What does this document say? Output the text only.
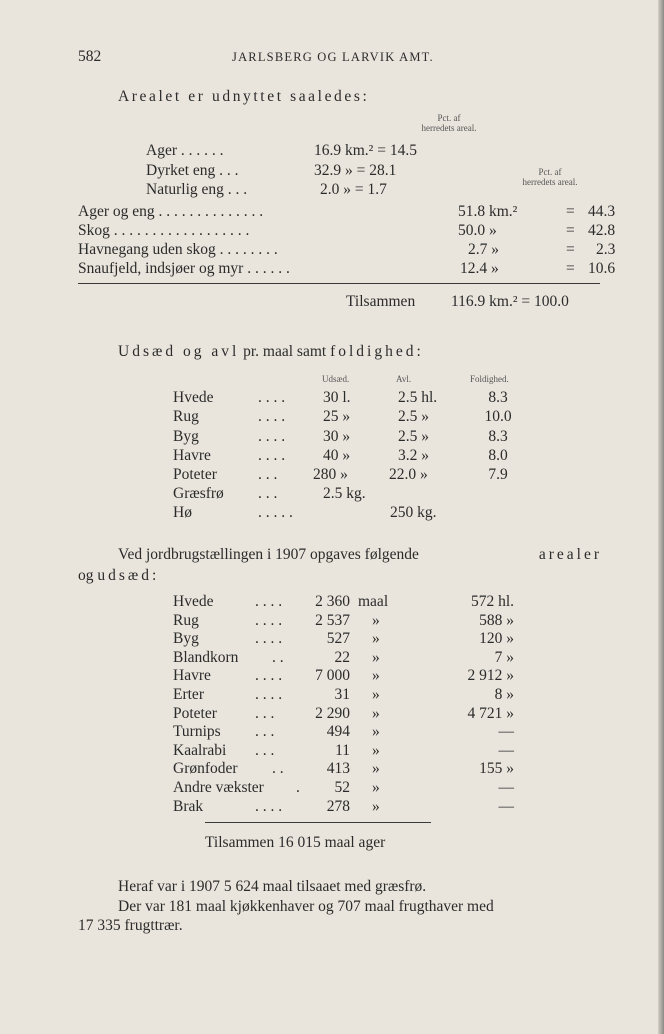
582	JARLSBERG OG LARVIK AMT.
Arealet er udnyttet saaledes:
Pct. af
herredets areal.
Ager . . . . . .	16.9 km.² = 14.5
Dyrket eng . . .	32.9 » = 28.1	Pct. af
herredets areal.
Naturlig eng . . .	2.0 » = 1.7
Ager og eng . . . . . . . . . . . . . .	51.8 km.²	= 44.3
Skog . . . . . . . . . . . . . . . . . .	50.0 »	= 42.8
Havnegang uden skog . . . . . . . .	2.7 »	= 2.3
Snaufjeld, indsjøer og myr . . . . . .	12.4 »	= 10.6
Tilsammen 116.9 km.² = 100.0
Udsæd og avl pr. maal samt foldighed:
Udsæd.	Avl.	Foldighed.
Hvede	. . . . 30 l.	2.5 hl.	8.3
Rug	. . . . 25 »	2.5 »	10.0
Byg	. . . . 30 »	2.5 »	8.3
Havre	. . . . 40 »	3.2 »	8.0
Poteter	. . . 280 »	22.0 »	7.9
Græsfrø . . .	2.5 kg.
Hø	. . . . .	250 kg.
Ved jordbrugstællingen i 1907 opgaves følgende	arealer
og udsæd:
Hvede	. . . .	2 360 maal	572 hl.
Rug	. . . .	2 537 »	588 »
Byg	. . . .	527 »	120 »
Blandkorn . .	22 »	7 »
Havre	. . . .	7 000 »	2 912 »
Erter	. . . .	31 »	8 »
Poteter . . .	2 290 »	4 721 »
Turnips . . .	494 »	—
Kaalrabi . . .	11 »	—
Grønfoder . .	413 »	155 »
Andre vækster .	52 »	—
Brak	. . . .	278 »	—
Tilsammen 16 015 maal ager
Heraf var i 1907 5 624 maal tilsaaet med græsfrø.
Der var 181 maal kjøkkenhaver og 707 maal frugthaver med
17 335 frugttrær.
